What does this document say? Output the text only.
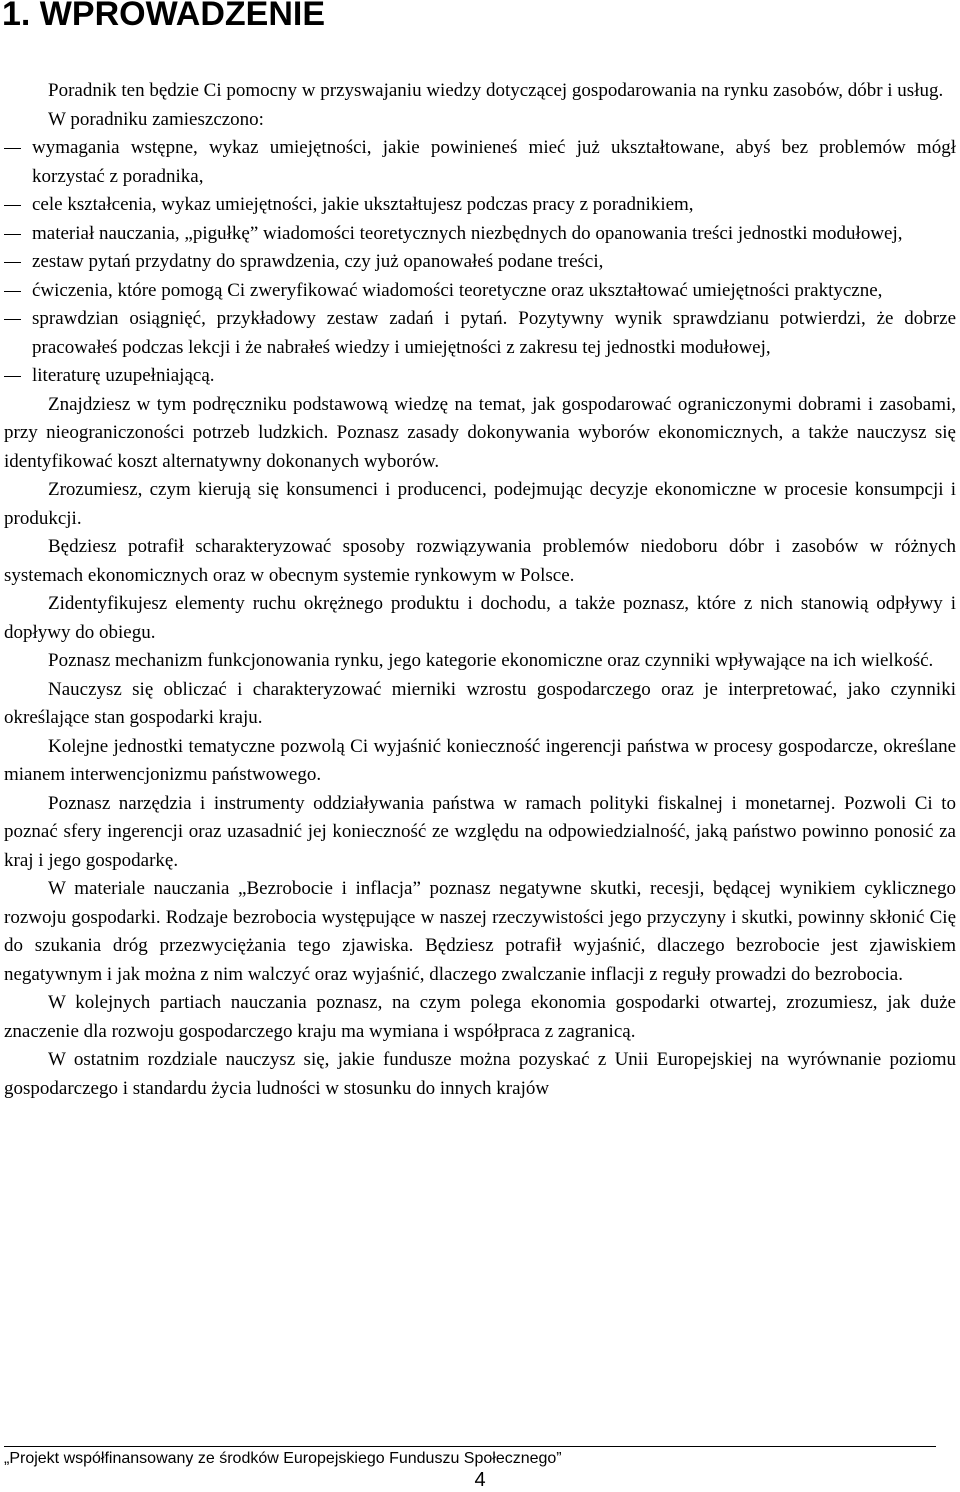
1. WPROWADZENIE

Poradnik ten będzie Ci pomocny w przyswajaniu wiedzy dotyczącej gospodarowania na rynku zasobów, dóbr i usług.

W poradniku zamieszczono:

wymagania wstępne, wykaz umiejętności, jakie powinieneś mieć już ukształtowane, abyś bez problemów mógł korzystać z poradnika,
cele kształcenia, wykaz umiejętności, jakie ukształtujesz podczas pracy z poradnikiem,
materiał nauczania, „pigułkę” wiadomości teoretycznych niezbędnych do opanowania treści jednostki modułowej,
zestaw pytań przydatny do sprawdzenia, czy już opanowałeś podane treści,
ćwiczenia, które pomogą Ci zweryfikować wiadomości teoretyczne oraz ukształtować umiejętności praktyczne,
sprawdzian osiągnięć, przykładowy zestaw zadań i pytań. Pozytywny wynik sprawdzianu potwierdzi, że dobrze pracowałeś podczas lekcji i że nabrałeś wiedzy i umiejętności z zakresu tej jednostki modułowej,
literaturę uzupełniającą.

Znajdziesz w tym podręczniku podstawową wiedzę na temat, jak gospodarować ograniczonymi dobrami i zasobami, przy nieograniczoności potrzeb ludzkich. Poznasz zasady dokonywania wyborów ekonomicznych, a także nauczysz się identyfikować koszt alternatywny dokonanych wyborów.

Zrozumiesz, czym kierują się konsumenci i producenci, podejmując decyzje ekonomiczne w procesie konsumpcji i produkcji.

Będziesz potrafił scharakteryzować sposoby rozwiązywania problemów niedoboru dóbr i zasobów w różnych systemach ekonomicznych oraz w obecnym systemie rynkowym w Polsce.

Zidentyfikujesz elementy ruchu okrężnego produktu i dochodu, a także poznasz, które z nich stanowią odpływy i dopływy do obiegu.

Poznasz mechanizm funkcjonowania rynku, jego kategorie ekonomiczne oraz czynniki wpływające na ich wielkość.

Nauczysz się obliczać i charakteryzować mierniki wzrostu gospodarczego oraz je interpretować, jako czynniki określające stan gospodarki kraju.

Kolejne jednostki tematyczne pozwolą Ci wyjaśnić konieczność ingerencji państwa w procesy gospodarcze, określane mianem interwencjonizmu państwowego.

Poznasz narzędzia i instrumenty oddziaływania państwa w ramach polityki fiskalnej i monetarnej. Pozwoli Ci to poznać sfery ingerencji oraz uzasadnić jej konieczność ze względu na odpowiedzialność, jaką państwo powinno ponosić za kraj i jego gospodarkę.

W materiale nauczania „Bezrobocie i inflacja” poznasz negatywne skutki, recesji, będącej wynikiem cyklicznego rozwoju gospodarki. Rodzaje bezrobocia występujące w naszej rzeczywistości jego przyczyny i skutki, powinny skłonić Cię do szukania dróg przezwyciężania tego zjawiska. Będziesz potrafił wyjaśnić, dlaczego bezrobocie jest zjawiskiem negatywnym i jak można z nim walczyć oraz wyjaśnić, dlaczego zwalczanie inflacji z reguły prowadzi do bezrobocia.

W kolejnych partiach nauczania poznasz, na czym polega ekonomia gospodarki otwartej, zrozumiesz, jak duże znaczenie dla rozwoju gospodarczego kraju ma wymiana i współpraca z zagranicą.

W ostatnim rozdziale nauczysz się, jakie fundusze można pozyskać z Unii Europejskiej na wyrównanie poziomu gospodarczego i standardu życia ludności w stosunku do innych krajów

„Projekt współfinansowany ze środków Europejskiego Funduszu Społecznego”
4
